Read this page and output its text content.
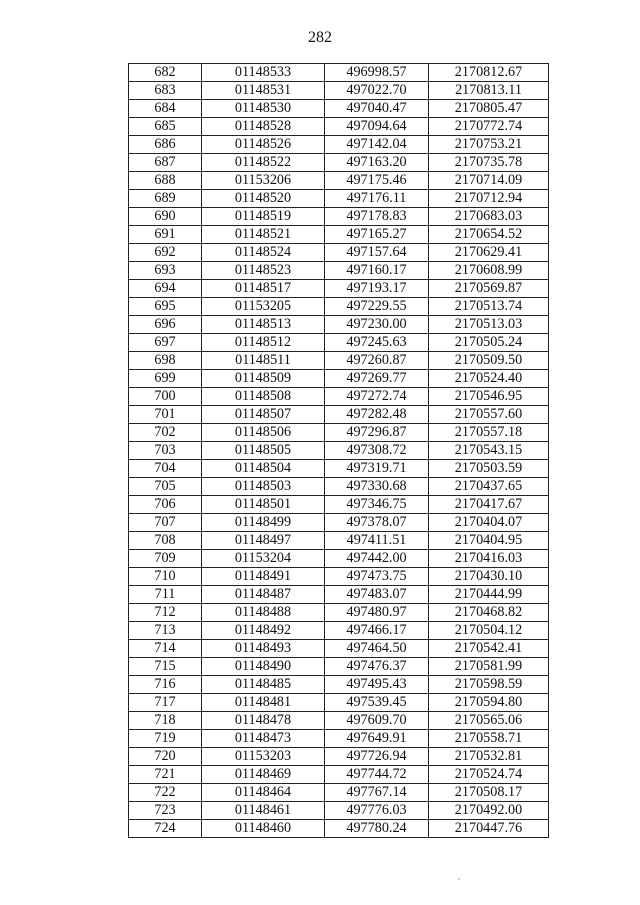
282
682	01148533	496998.57	2170812.67
683	01148531	497022.70	2170813.11
684	01148530	497040.47	2170805.47
685	01148528	497094.64	2170772.74
686	01148526	497142.04	2170753.21
687	01148522	497163.20	2170735.78
688	01153206	497175.46	2170714.09
689	01148520	497176.11	2170712.94
690	01148519	497178.83	2170683.03
691	01148521	497165.27	2170654.52
692	01148524	497157.64	2170629.41
693	01148523	497160.17	2170608.99
694	01148517	497193.17	2170569.87
695	01153205	497229.55	2170513.74
696	01148513	497230.00	2170513.03
697	01148512	497245.63	2170505.24
698	01148511	497260.87	2170509.50
699	01148509	497269.77	2170524.40
700	01148508	497272.74	2170546.95
701	01148507	497282.48	2170557.60
702	01148506	497296.87	2170557.18
703	01148505	497308.72	2170543.15
704	01148504	497319.71	2170503.59
705	01148503	497330.68	2170437.65
706	01148501	497346.75	2170417.67
707	01148499	497378.07	2170404.07
708	01148497	497411.51	2170404.95
709	01153204	497442.00	2170416.03
710	01148491	497473.75	2170430.10
711	01148487	497483.07	2170444.99
712	01148488	497480.97	2170468.82
713	01148492	497466.17	2170504.12
714	01148493	497464.50	2170542.41
715	01148490	497476.37	2170581.99
716	01148485	497495.43	2170598.59
717	01148481	497539.45	2170594.80
718	01148478	497609.70	2170565.06
719	01148473	497649.91	2170558.71
720	01153203	497726.94	2170532.81
721	01148469	497744.72	2170524.74
722	01148464	497767.14	2170508.17
723	01148461	497776.03	2170492.00
724	01148460	497780.24	2170447.76
